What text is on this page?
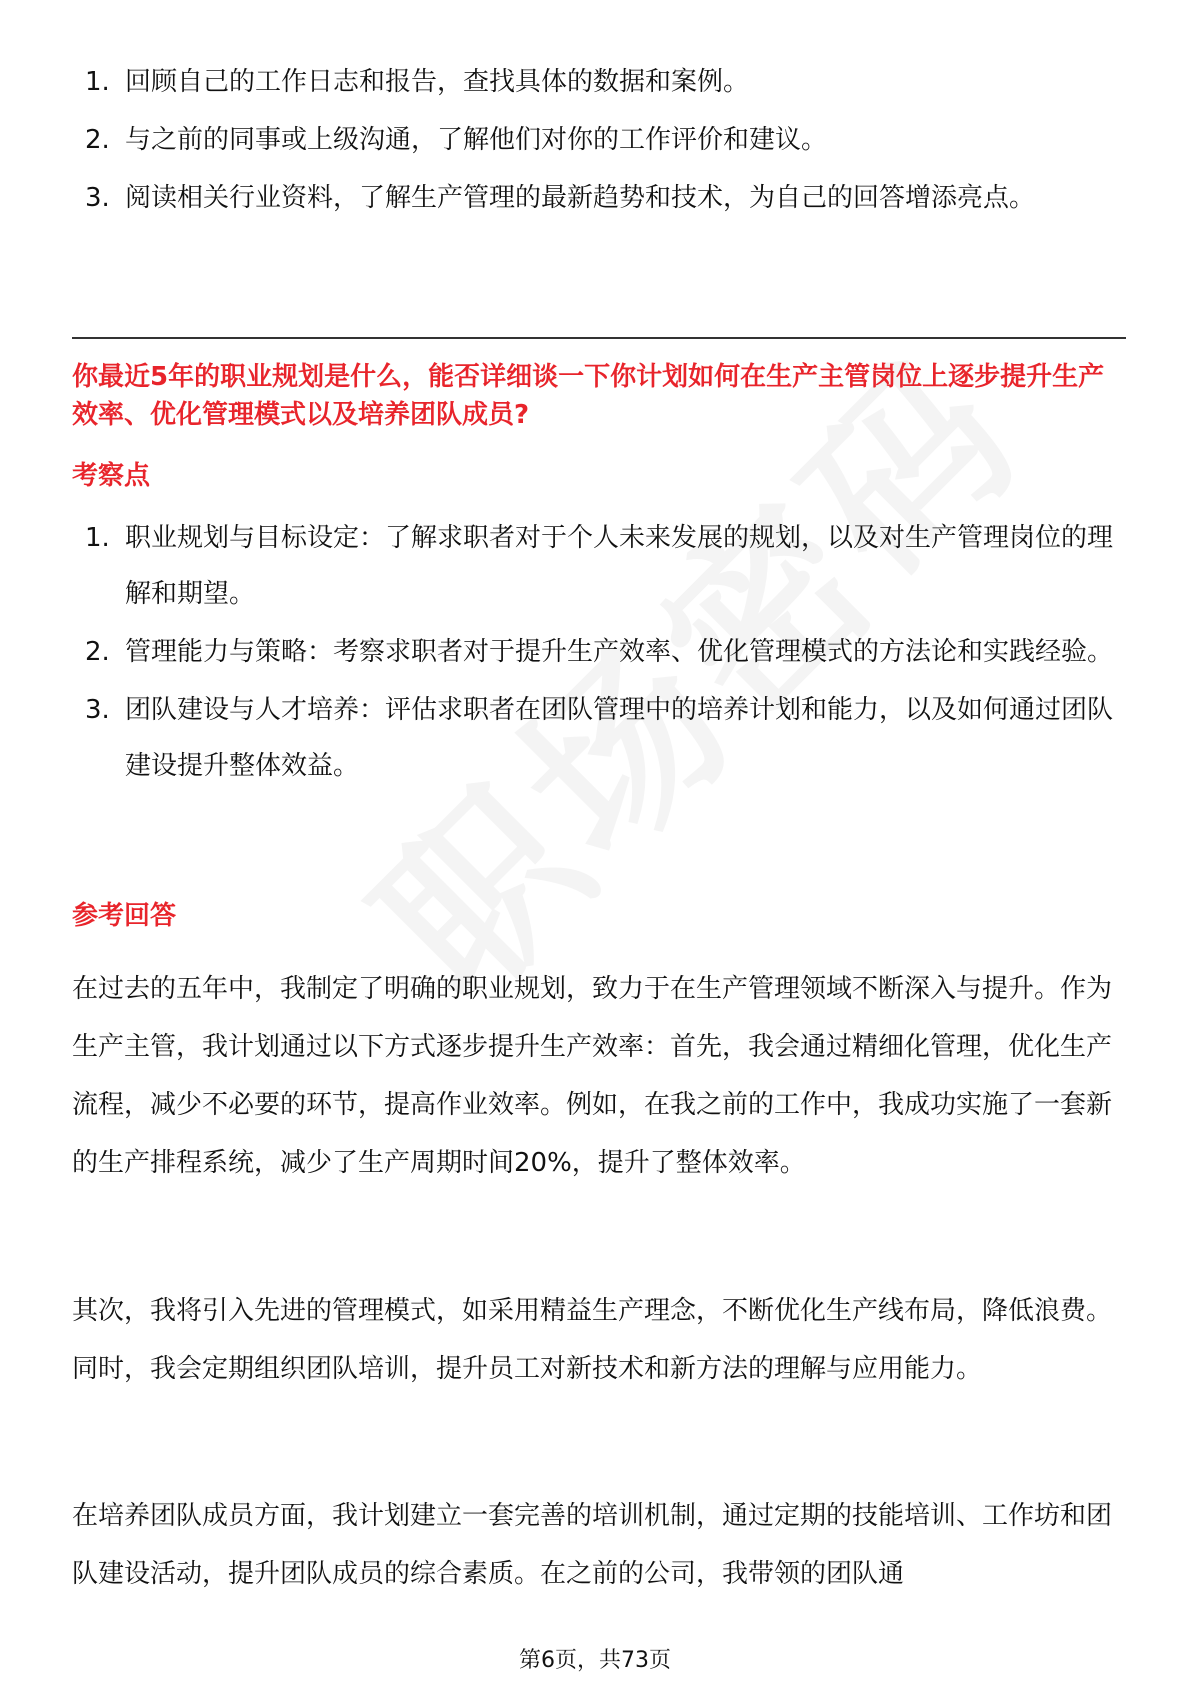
1. 回顾自己的工作日志和报告，查找具体的数据和案例。
2. 与之前的同事或上级沟通，了解他们对你的工作评价和建议。
3. 阅读相关行业资料，了解生产管理的最新趋势和技术，为自己的回答增添亮点。
你最近5年的职业规划是什么，能否详细谈一下你计划如何在生产主管岗位上逐步提升生产效率、优化管理模式以及培养团队成员?
考察点
1. 职业规划与目标设定：了解求职者对于个人未来发展的规划，以及对生产管理岗位的理解和期望。
2. 管理能力与策略：考察求职者对于提升生产效率、优化管理模式的方法论和实践经验。
3. 团队建设与人才培养：评估求职者在团队管理中的培养计划和能力，以及如何通过团队建设提升整体效益。
参考回答

在过去的五年中，我制定了明确的职业规划，致力于在生产管理领域不断深入与提升。作为生产主管，我计划通过以下方式逐步提升生产效率：首先，我会通过精细化管理，优化生产流程，减少不必要的环节，提高作业效率。例如，在我之前的工作中，我成功实施了一套新的生产排程系统，减少了生产周期时间20%，提升了整体效率。

其次，我将引入先进的管理模式，如采用精益生产理念，不断优化生产线布局，降低浪费。同时，我会定期组织团队培训，提升员工对新技术和新方法的理解与应用能力。

在培养团队成员方面，我计划建立一套完善的培训机制，通过定期的技能培训、工作坊和团队建设活动，提升团队成员的综合素质。在之前的公司，我带领的团队通

第6页，共73页
